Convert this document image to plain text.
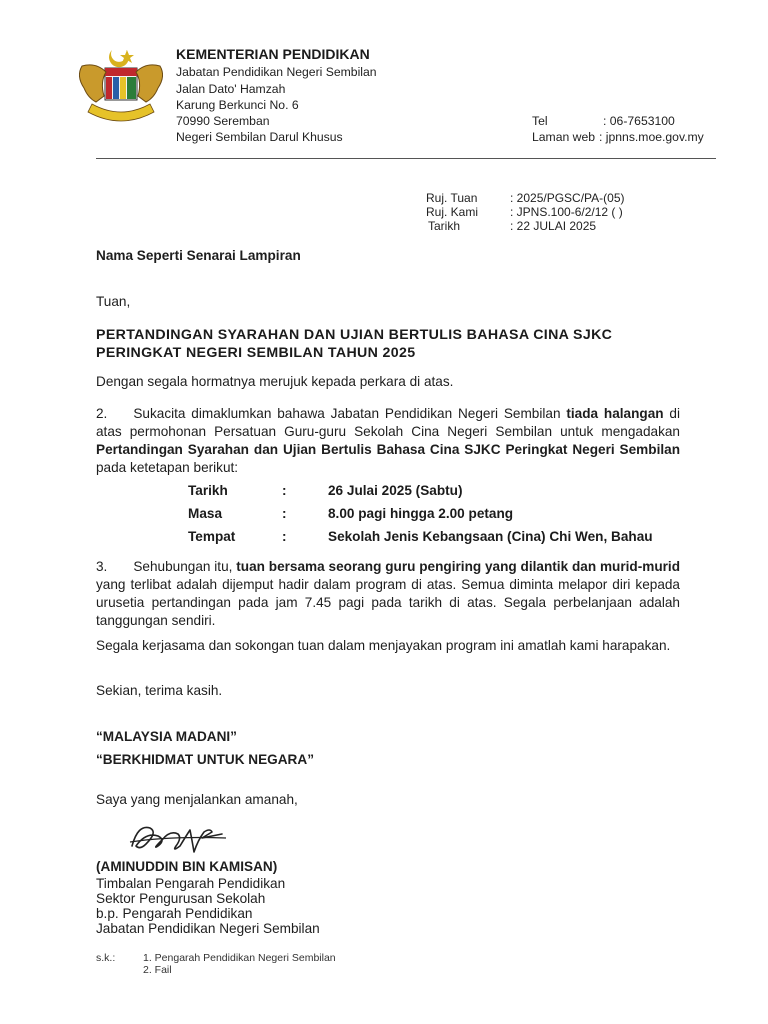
KEMENTERIAN PENDIDIKAN
Jabatan Pendidikan Negeri Sembilan
Jalan Dato' Hamzah
Karung Berkunci No. 6
70990 Seremban
Negeri Sembilan Darul Khusus
Tel	: 06-7653100
Laman web : jpnns.moe.gov.my
Ruj. Tuan	: 2025/PGSC/PA-(05)
Ruj. Kami	: JPNS.100-6/2/12 ( )
Tarikh	: 22 JULAI 2025
Nama Seperti Senarai Lampiran
Tuan,
PERTANDINGAN SYARAHAN DAN UJIAN BERTULIS BAHASA CINA SJKC
PERINGKAT NEGERI SEMBILAN TAHUN 2025
Dengan segala hormatnya merujuk kepada perkara di atas.
2. Sukacita dimaklumkan bahawa Jabatan Pendidikan Negeri Sembilan tiada halangan di atas permohonan Persatuan Guru-guru Sekolah Cina Negeri Sembilan untuk mengadakan Pertandingan Syarahan dan Ujian Bertulis Bahasa Cina SJKC Peringkat Negeri Sembilan pada ketetapan berikut:
Tarikh	:	26 Julai 2025 (Sabtu)
Masa	:	8.00 pagi hingga 2.00 petang
Tempat	:	Sekolah Jenis Kebangsaan (Cina) Chi Wen, Bahau
3. Sehubungan itu, tuan bersama seorang guru pengiring yang dilantik dan murid-murid yang terlibat adalah dijemput hadir dalam program di atas. Semua diminta melapor diri kepada urusetia pertandingan pada jam 7.45 pagi pada tarikh di atas. Segala perbelanjaan adalah tanggungan sendiri.
Segala kerjasama dan sokongan tuan dalam menjayakan program ini amatlah kami harapakan.
Sekian, terima kasih.
“MALAYSIA MADANI”
“BERKHIDMAT UNTUK NEGARA”
Saya yang menjalankan amanah,
(AMINUDDIN BIN KAMISAN)
Timbalan Pengarah Pendidikan
Sektor Pengurusan Sekolah
b.p. Pengarah Pendidikan
Jabatan Pendidikan Negeri Sembilan
s.k.:	1. Pengarah Pendidikan Negeri Sembilan
2. Fail
